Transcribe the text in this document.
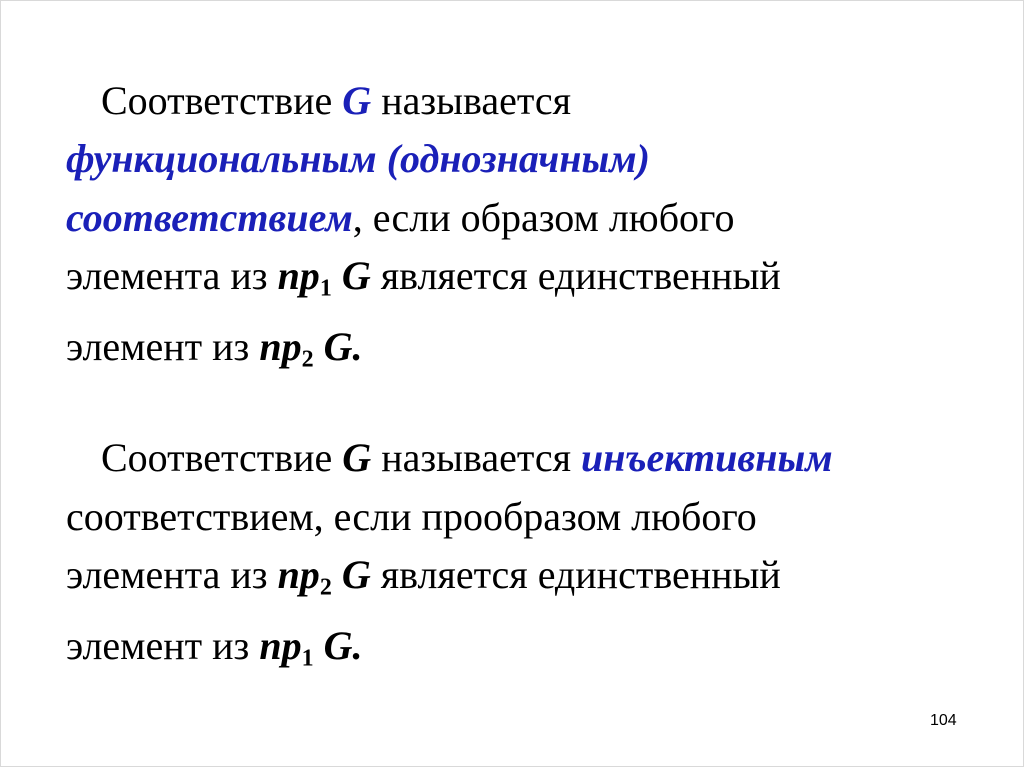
Соответствие G называется
функциональным (однозначным)
соответствием, если образом любого
элемента из $пр_1$ G является единственный
элемент из $пр_2$ G.

Соответствие G называется инъективным
соответствием, если прообразом любого
элемента из $пр_2$ G является единственный
элемент из $пр_1$ G.

104
